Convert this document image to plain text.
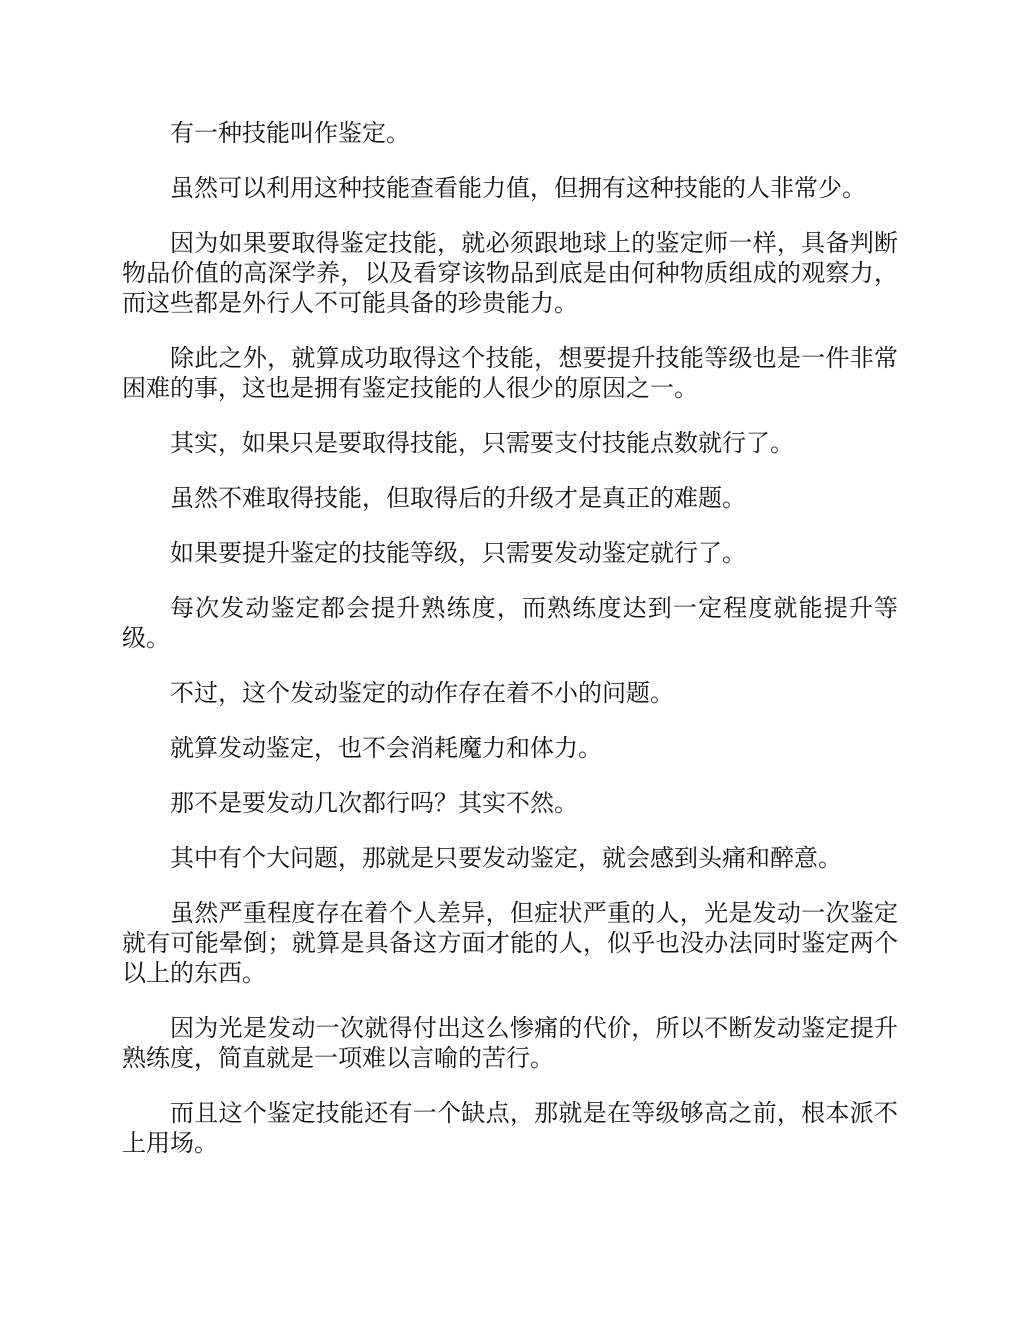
有一种技能叫作鉴定。

虽然可以利用这种技能查看能力值，但拥有这种技能的人非常少。

因为如果要取得鉴定技能，就必须跟地球上的鉴定师一样，具备判断物品价值的高深学养，以及看穿该物品到底是由何种物质组成的观察力，而这些都是外行人不可能具备的珍贵能力。

除此之外，就算成功取得这个技能，想要提升技能等级也是一件非常困难的事，这也是拥有鉴定技能的人很少的原因之一。

其实，如果只是要取得技能，只需要支付技能点数就行了。

虽然不难取得技能，但取得后的升级才是真正的难题。

如果要提升鉴定的技能等级，只需要发动鉴定就行了。

每次发动鉴定都会提升熟练度，而熟练度达到一定程度就能提升等级。

不过，这个发动鉴定的动作存在着不小的问题。

就算发动鉴定，也不会消耗魔力和体力。

那不是要发动几次都行吗？其实不然。

其中有个大问题，那就是只要发动鉴定，就会感到头痛和醉意。

虽然严重程度存在着个人差异，但症状严重的人，光是发动一次鉴定就有可能晕倒；就算是具备这方面才能的人，似乎也没办法同时鉴定两个以上的东西。

因为光是发动一次就得付出这么惨痛的代价，所以不断发动鉴定提升熟练度，简直就是一项难以言喻的苦行。

而且这个鉴定技能还有一个缺点，那就是在等级够高之前，根本派不上用场。
